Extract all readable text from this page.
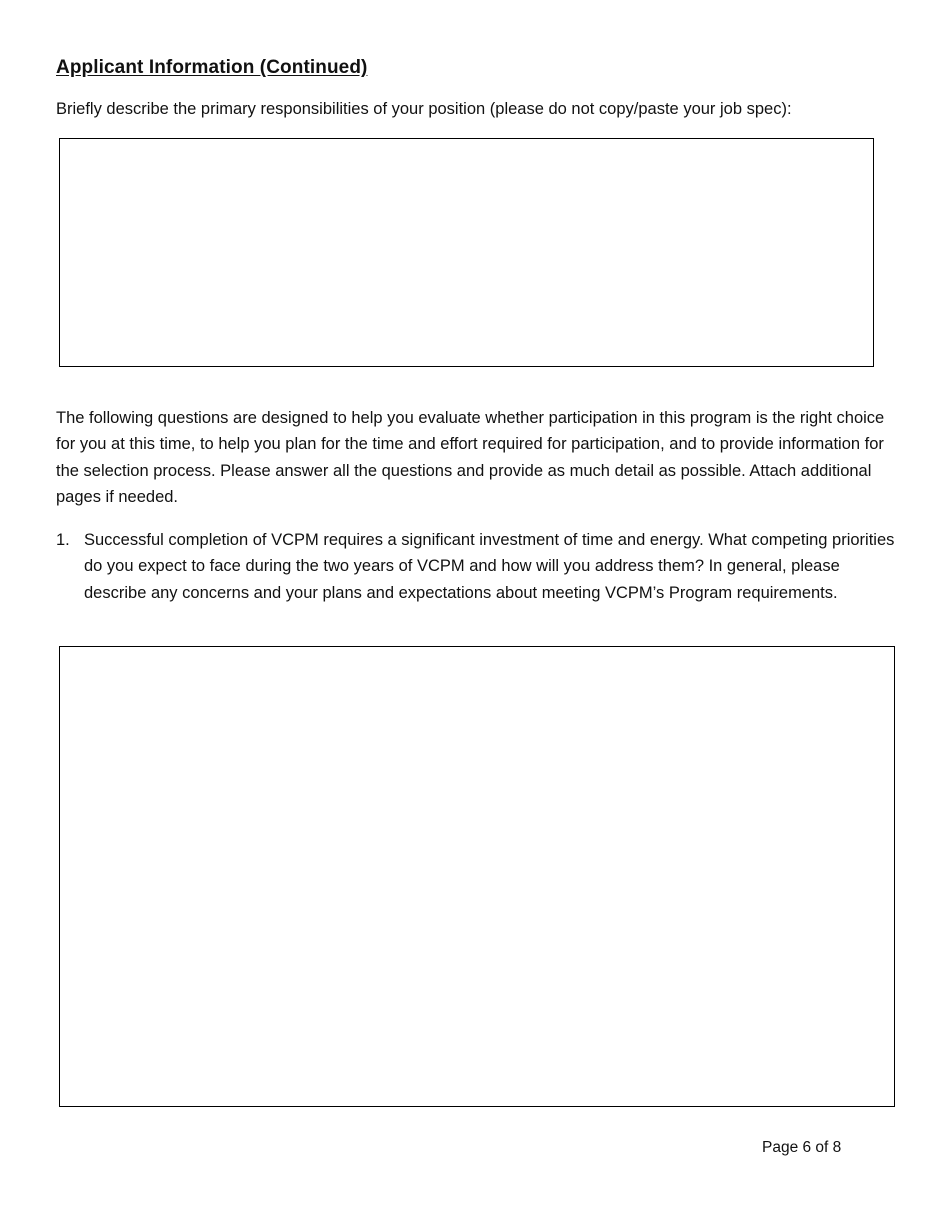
Applicant Information (Continued)

Briefly describe the primary responsibilities of your position (please do not copy/paste your job spec):

The following questions are designed to help you evaluate whether participation in this program is the right choice for you at this time, to help you plan for the time and effort required for participation, and to provide information for the selection process. Please answer all the questions and provide as much detail as possible. Attach additional pages if needed.

1. Successful completion of VCPM requires a significant investment of time and energy. What competing priorities do you expect to face during the two years of VCPM and how will you address them? In general, please describe any concerns and your plans and expectations about meeting VCPM’s Program requirements.

Page 6 of 8
